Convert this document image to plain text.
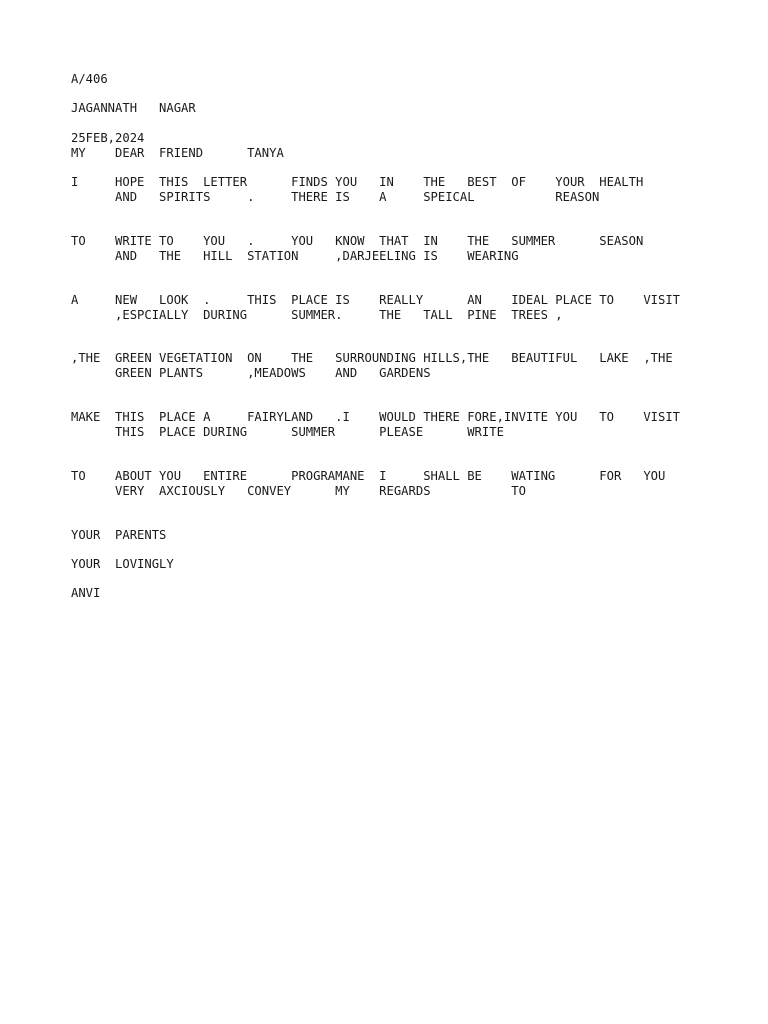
A/406

JAGANNATH   NAGAR

25FEB,2024

MY    DEAR  FRIEND      TANYA

I     HOPE  THIS  LETTER      FINDS YOU   IN    THE   BEST  OF    YOUR  HEALTH

AND   SPIRITS     .     THERE IS    A     SPEICAL           REASON

TO    WRITE TO    YOU   .     YOU   KNOW  THAT  IN    THE   SUMMER      SEASON

AND   THE   HILL  STATION     ,DARJEELING IS    WEARING

A     NEW   LOOK  .     THIS  PLACE IS    REALLY      AN    IDEAL PLACE TO    VISIT

,ESPCIALLY  DURING      SUMMER.     THE   TALL  PINE  TREES ,

,THE  GREEN VEGETATION  ON    THE   SURROUNDING HILLS,THE   BEAUTIFUL   LAKE  ,THE

GREEN PLANTS      ,MEADOWS    AND   GARDENS

MAKE  THIS  PLACE A     FAIRYLAND   .I    WOULD THERE FORE,INVITE YOU   TO    VISIT

THIS  PLACE DURING      SUMMER      PLEASE      WRITE

TO    ABOUT YOU   ENTIRE      PROGRAMANE  I     SHALL BE    WATING      FOR   YOU

VERY  AXCIOUSLY   CONVEY      MY    REGARDS           TO

YOUR  PARENTS

YOUR  LOVINGLY

ANVI
